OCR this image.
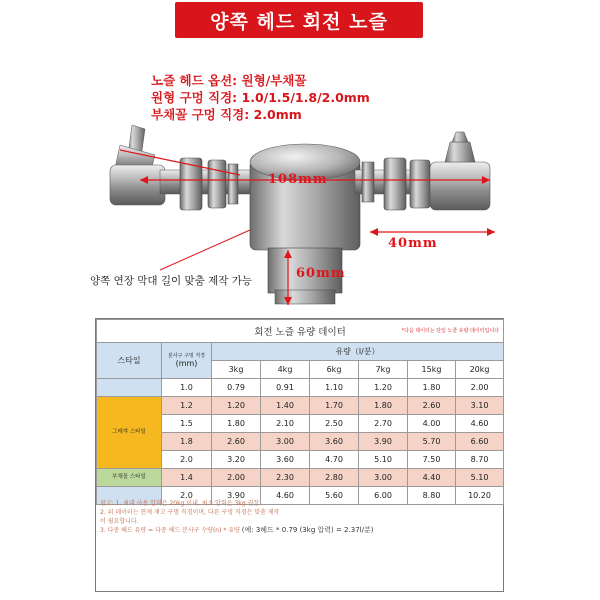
양쪽 헤드 회전 노즐
노즐 헤드 옵션: 원형/부채꼴
원형 구멍 직경: 1.0/1.5/1.8/2.0mm
부채꼴 구멍 직경: 2.0mm
108mm
40mm
60mm
양쪽 연장 막대 길이 맞춤 제작 가능
회전 노즐 유량 데이터 *다음 데이터는 단일 노즐 유량 데이터입니다							

스타일	분사구 구멍 직경
(mm)	유량（l/분）					
		3kg	4kg	6kg	7kg	15kg	20kg
	1.0	0.79	0.91	1.10	1.20	1.80	2.00
그레쟈 스타일	1.2	1.20	1.40	1.70	1.80	2.60	3.10
	1.5	1.80	2.10	2.50	2.70	4.00	4.60
	1.8	2.60	3.00	3.60	3.90	5.70	6.60
	2.0	3.20	3.60	4.70	5.10	7.50	8.70
부채꼴 스타일	1.4	2.00	2.30	2.80	3.00	4.40	5.10
	2.0	3.90	4.60	5.60	6.00	8.80	10.20
참고: 1. 최대 사용 압력은 20kg 이내, 최소 압력은 3kg 권장
2. 위 데이터는 현재 재고 구멍 직경이며, 다른 구멍 직경은 맞춤 제작
이 필요합니다.
3. 다중 헤드 유량 = 다중 헤드 분사구 수량(n) * 유량 (예: 3헤드 * 0.79 (3kg 압력) = 2.37l/분)
